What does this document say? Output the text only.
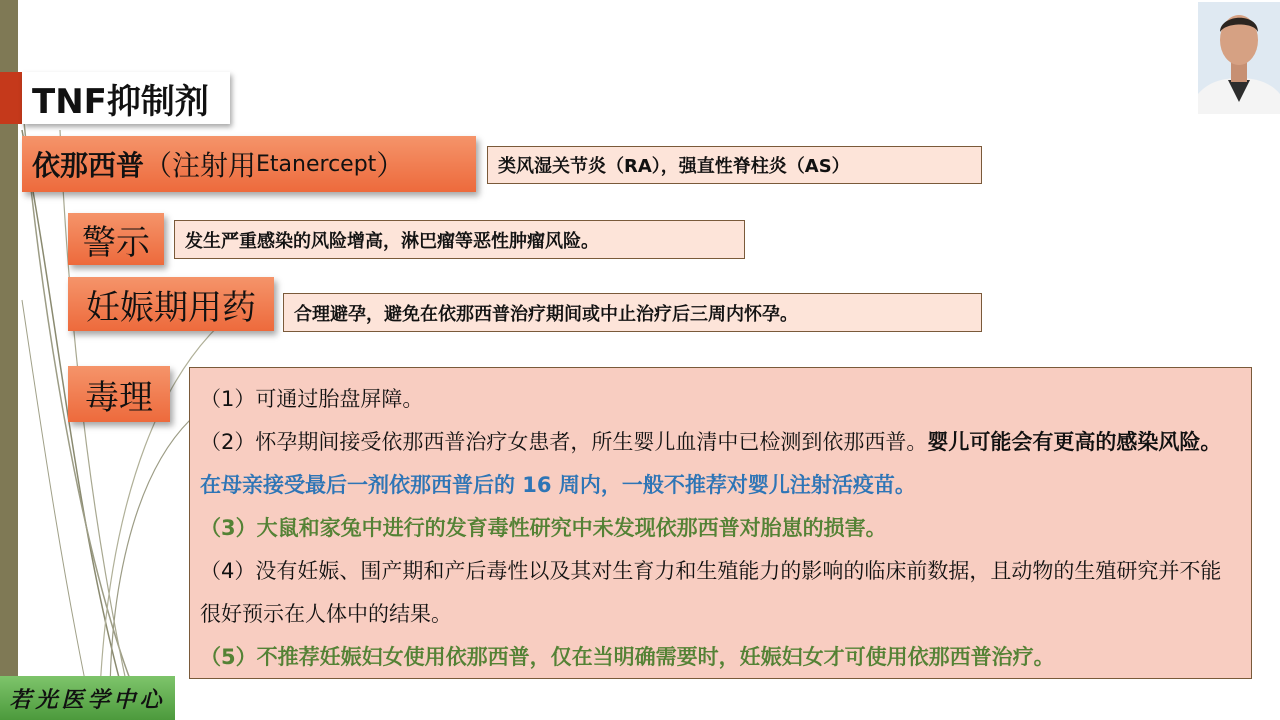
TNF抑制剂
依那西普 （注射用 Etanercept ）	类风湿关节炎（RA），强直性脊柱炎（AS）
警示	发生严重感染的风险增高，淋巴瘤等恶性肿瘤风险。
妊娠期用药	合理避孕，避免在依那西普治疗期间或中止治疗后三周内怀孕。
毒理	（1）可通过胎盘屏障。

（2）怀孕期间接受依那西普治疗女患者，所生婴儿血清中已检测到依那西普。婴儿可能会有更高的感染风险。在母亲接受最后一剂依那西普后的 16 周内，一般不推荐对婴儿注射活疫苗。

（3）大鼠和家兔中进行的发育毒性研究中未发现依那西普对胎崽的损害。

（4）没有妊娠、围产期和产后毒性以及其对生育力和生殖能力的影响的临床前数据，且动物的生殖研究并不能很好预示在人体中的结果。

（5）不推荐妊娠妇女使用依那西普，仅在当明确需要时，妊娠妇女才可使用依那西普治疗。

若光医学中心
